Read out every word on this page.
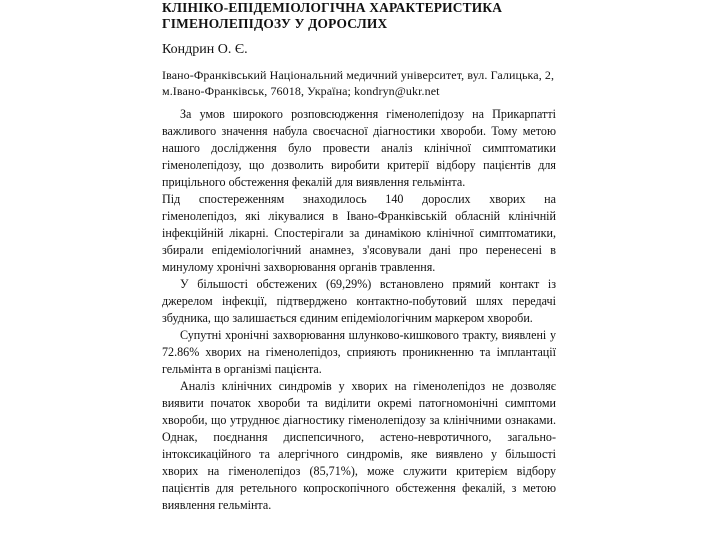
КЛІНІКО-ЕПІДЕМІОЛОГІЧНА ХАРАКТЕРИСТИКА
ГІМЕНОЛЕПІДОЗУ У ДОРОСЛИХ
Кондрин О. Є.
Івано-Франківський Національний медичний університет, вул. Галицька, 2,
м.Івано-Франківськ, 76018, Україна; kondryn@ukr.net
За умов широкого розповсюдження гіменолепідозу на Прикарпатті
важливого значення набула своєчасної діагностики хвороби. Тому метою
нашого дослідження було провести аналіз клінічної симптоматики
гіменолепідозу, що дозволить виробити критерії відбору пацієнтів для
прицільного обстеження фекалій для виявлення гельмінта.
Під спостереженням знаходилось 140 дорослих хворих на
гіменолепідоз, які лікувалися в Івано-Франківській обласній клінічній
інфекційній лікарні. Спостерігали за динамікою клінічної симптоматики,
збирали епідеміологічний анамнез, з'ясовували дані про перенесені в
минулому хронічні захворювання органів травлення.
У більшості обстежених (69,29%) встановлено прямий контакт із
джерелом інфекції, підтверджено контактно-побутовий шлях передачі
збудника, що залишається єдиним епідеміологічним маркером хвороби.
Супутні хронічні захворювання шлунково-кишкового тракту, виявлені у
72.86% хворих на гіменолепідоз, сприяють проникненню та імплантації
гельмінта в організмі пацієнта.
Аналіз клінічних синдромів у хворих на гіменолепідоз не дозволяє
виявити початок хвороби та виділити окремі патогномонічні симптоми
хвороби, що утруднює діагностику гіменолепідозу за клінічними ознаками.
Однак, поєднання диспепсичного, астено-невротичного, загально-
інтоксикаційного та алергічного синдромів, яке виявлено у більшості
хворих на гіменолепідоз (85,71%), може служити критерієм відбору
пацієнтів для ретельного копроскопічного обстеження фекалій, з метою
виявлення гельмінта.
